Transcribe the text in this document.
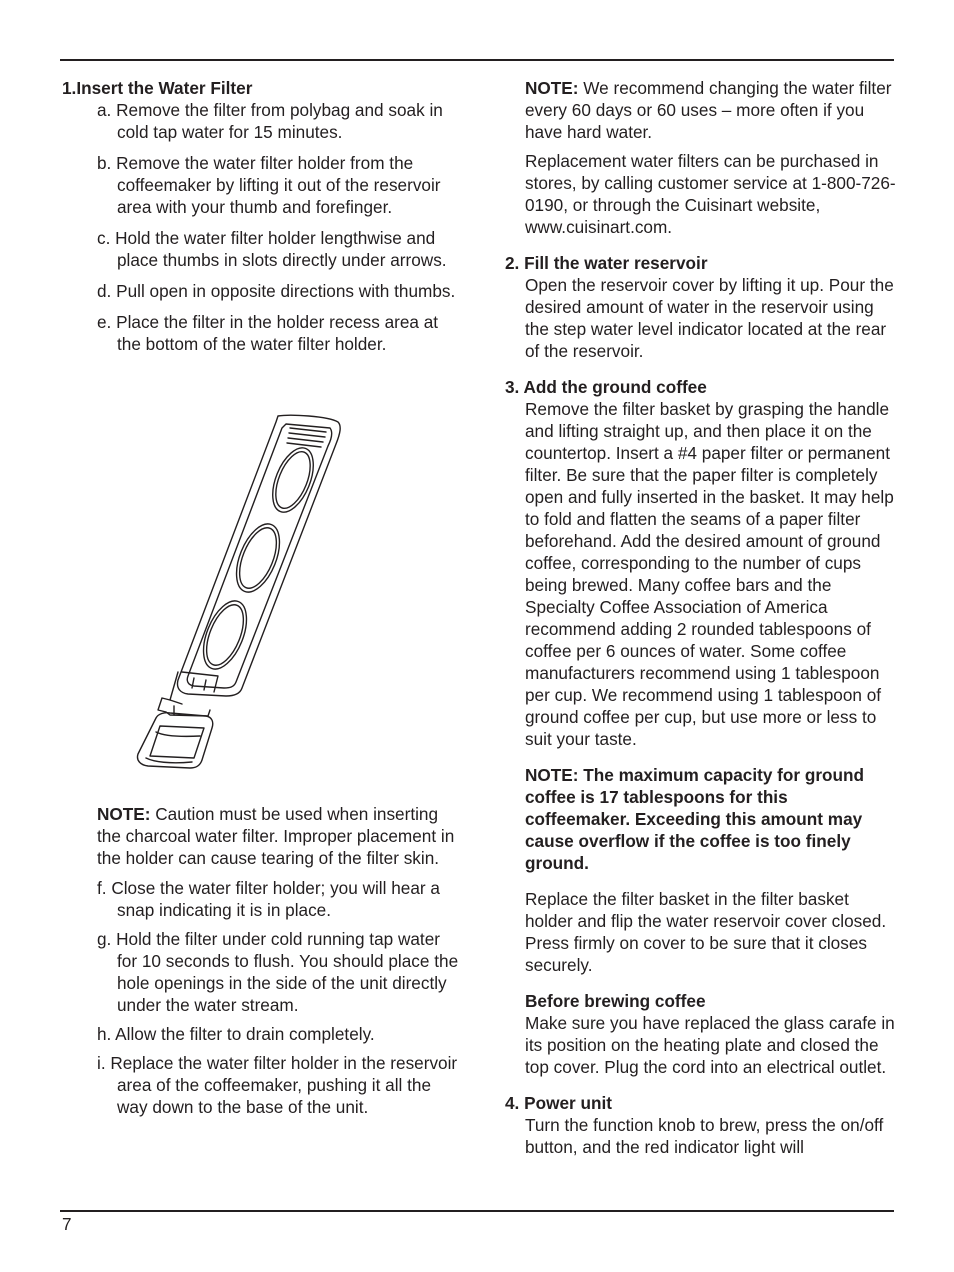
1.Insert the Water Filter

a. Remove the filter from polybag and soak in cold tap water for 15 minutes.

b. Remove the water filter holder from the coffeemaker by lifting it out of the reservoir area with your thumb and forefinger.

c. Hold the water filter holder lengthwise and place thumbs in slots directly under arrows.

d. Pull open in opposite directions with thumbs.

e. Place the filter in the holder recess area at the bottom of the water filter holder.

NOTE: Caution must be used when inserting the charcoal water filter. Improper placement in the holder can cause tearing of the filter skin.

f. Close the water filter holder; you will hear a snap indicating it is in place.

g. Hold the filter under cold running tap water for 10 seconds to flush. You should place the hole openings in the side of the unit directly under the water stream.

h. Allow the filter to drain completely.

i. Replace the water filter holder in the reservoir area of the coffeemaker, pushing it all the way down to the base of the unit.

NOTE: We recommend changing the water filter every 60 days or 60 uses – more often if you have hard water.

Replacement water filters can be purchased in stores, by calling customer service at 1-800-726-0190, or through the Cuisinart website, www.cuisinart.com.

2. Fill the water reservoir

Open the reservoir cover by lifting it up. Pour the desired amount of water in the reservoir using the step water level indicator located at the rear of the reservoir.

3. Add the ground coffee

Remove the filter basket by grasping the handle and lifting straight up, and then place it on the countertop. Insert a #4 paper filter or permanent filter. Be sure that the paper filter is completely open and fully inserted in the basket. It may help to fold and flatten the seams of a paper filter beforehand. Add the desired amount of ground coffee, corresponding to the number of cups being brewed. Many coffee bars and the Specialty Coffee Association of America recommend adding 2 rounded tablespoons of coffee per 6 ounces of water. Some coffee manufacturers recommend using 1 tablespoon per cup. We recommend using 1 tablespoon of ground coffee per cup, but use more or less to suit your taste.

NOTE: The maximum capacity for ground coffee is 17 tablespoons for this coffeemaker. Exceeding this amount may cause overflow if the coffee is too finely ground.

Replace the filter basket in the filter basket holder and flip the water reservoir cover closed. Press firmly on cover to be sure that it closes securely.

Before brewing coffee

Make sure you have replaced the glass carafe in its position on the heating plate and closed the top cover. Plug the cord into an electrical outlet.

4. Power unit

Turn the function knob to brew, press the on/off button, and the red indicator light will

7
